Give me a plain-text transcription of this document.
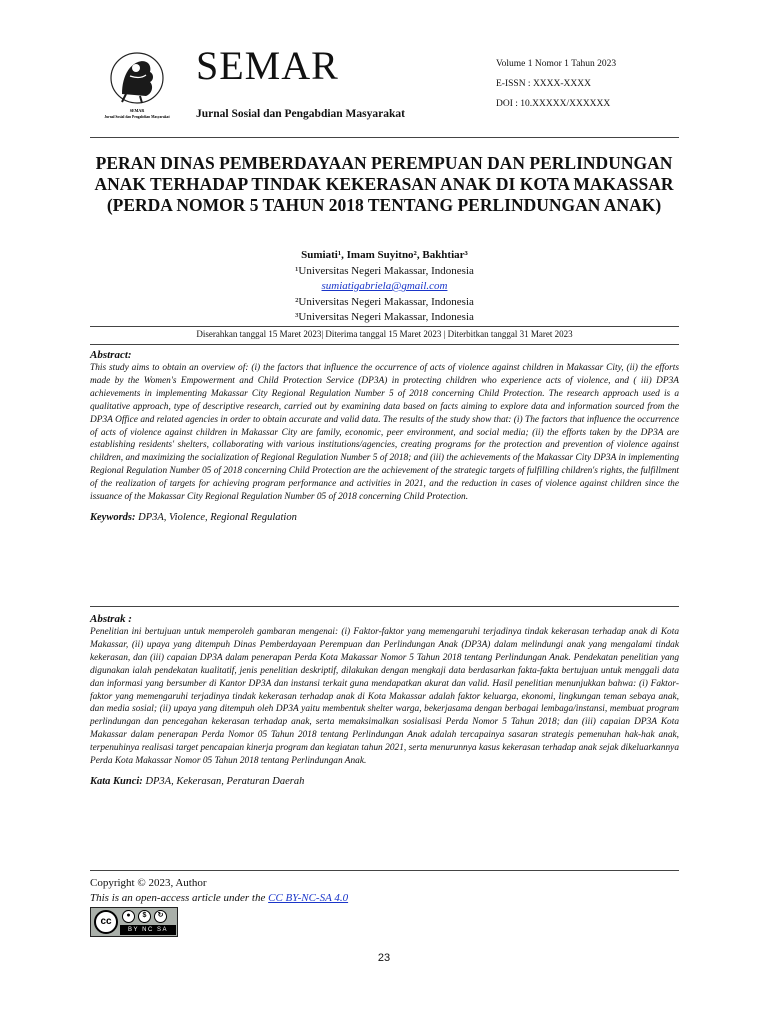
SEMAR
Jurnal Sosial dan Pengabdian Masyarakat
SEMAR
Jurnal Sosial dan Pengabdian Masyarakat
Volume 1 Nomor 1 Tahun 2023
E-ISSN : XXXX-XXXX
DOI : 10.XXXXX/XXXXXX
PERAN DINAS PEMBERDAYAAN PEREMPUAN DAN PERLINDUNGAN ANAK TERHADAP TINDAK KEKERASAN ANAK DI KOTA MAKASSAR (PERDA NOMOR 5 TAHUN 2018 TENTANG PERLINDUNGAN ANAK)
Sumiati¹, Imam Suyitno², Bakhtiar³
¹Universitas Negeri Makassar, Indonesia
sumiatigabriela@gmail.com
²Universitas Negeri Makassar, Indonesia
³Universitas Negeri Makassar, Indonesia
Diserahkan tanggal 15 Maret 2023| Diterima tanggal 15 Maret 2023 | Diterbitkan tanggal 31 Maret 2023
Abstract:
This study aims to obtain an overview of: (i) the factors that influence the occurrence of acts of violence against children in Makassar City, (ii) the efforts made by the Women's Empowerment and Child Protection Service (DP3A) in protecting children who experience acts of violence, and ( iii) DP3A achievements in implementing Makassar City Regional Regulation Number 5 of 2018 concerning Child Protection. The research approach used is a qualitative approach, type of descriptive research, carried out by examining data based on facts aiming to explore data and information sourced from the DP3A Office and related agencies in order to obtain accurate and valid data. The results of the study show that: (i) The factors that influence the occurrence of acts of violence against children in Makassar City are family, economic, peer environment, and social media; (ii) the efforts taken by the DP3A are establishing residents' shelters, collaborating with various institutions/agencies, creating programs for the protection and prevention of violence against children, and maximizing the socialization of Regional Regulation Number 5 of 2018; and (iii) the achievements of the Makassar City DP3A in implementing Regional Regulation Number 05 of 2018 concerning Child Protection are the achievement of the strategic targets of fulfilling children's rights, the fulfillment of the realization of targets for achieving program performance and activities in 2021, and the reduction in cases of violence against children since the issuance of the Makassar City Regional Regulation Number 05 of 2018 concerning Child Protection.
Keywords: DP3A, Violence, Regional Regulation
Abstrak :
Penelitian ini bertujuan untuk memperoleh gambaran mengenai: (i) Faktor-faktor yang memengaruhi terjadinya tindak kekerasan terhadap anak di Kota Makassar, (ii) upaya yang ditempuh Dinas Pemberdayaan Perempuan dan Perlindungan Anak (DP3A) dalam melindungi anak yang mengalami tindak kekerasan, dan (iii) capaian DP3A dalam penerapan Perda Kota Makassar Nomor 5 Tahun 2018 tentang Perlindungan Anak. Pendekatan penelitian yang digunakan ialah pendekatan kualitatif, jenis penelitian deskriptif, dilakukan dengan mengkaji data berdasarkan fakta-fakta bertujuan untuk menggali data dan informasi yang bersumber di Kantor DP3A dan instansi terkait guna mendapatkan akurat dan valid. Hasil penelitian menunjukkan bahwa: (i) Faktor-faktor yang memengaruhi terjadinya tindak kekerasan terhadap anak di Kota Makassar adalah faktor keluarga, ekonomi, lingkungan teman sebaya anak, dan media sosial; (ii) upaya yang ditempuh oleh DP3A yaitu membentuk shelter warga, bekerjasama dengan berbagai lembaga/instansi, membuat program perlindungan dan pencegahan kekerasan terhadap anak, serta memaksimalkan sosialisasi Perda Nomor 5 Tahun 2018; dan (iii) capaian DP3A Kota Makassar dalam penerapan Perda Nomor 05 Tahun 2018 tentang Perlindungan Anak adalah tercapainya sasaran strategis pemenuhan hak-hak anak, terpenuhinya realisasi target pencapaian kinerja program dan kegiatan tahun 2021, serta menurunnya kasus kekerasan terhadap anak sejak dikeluarkannya Perda Kota Makassar Nomor 05 Tahun 2018 tentang Perlindungan Anak.
Kata Kunci: DP3A, Kekerasan, Peraturan Daerah
Copyright © 2023, Author
This is an open-access article under the CC BY-NC-SA 4.0
cc
●	$	↻
BY NC SA
23
